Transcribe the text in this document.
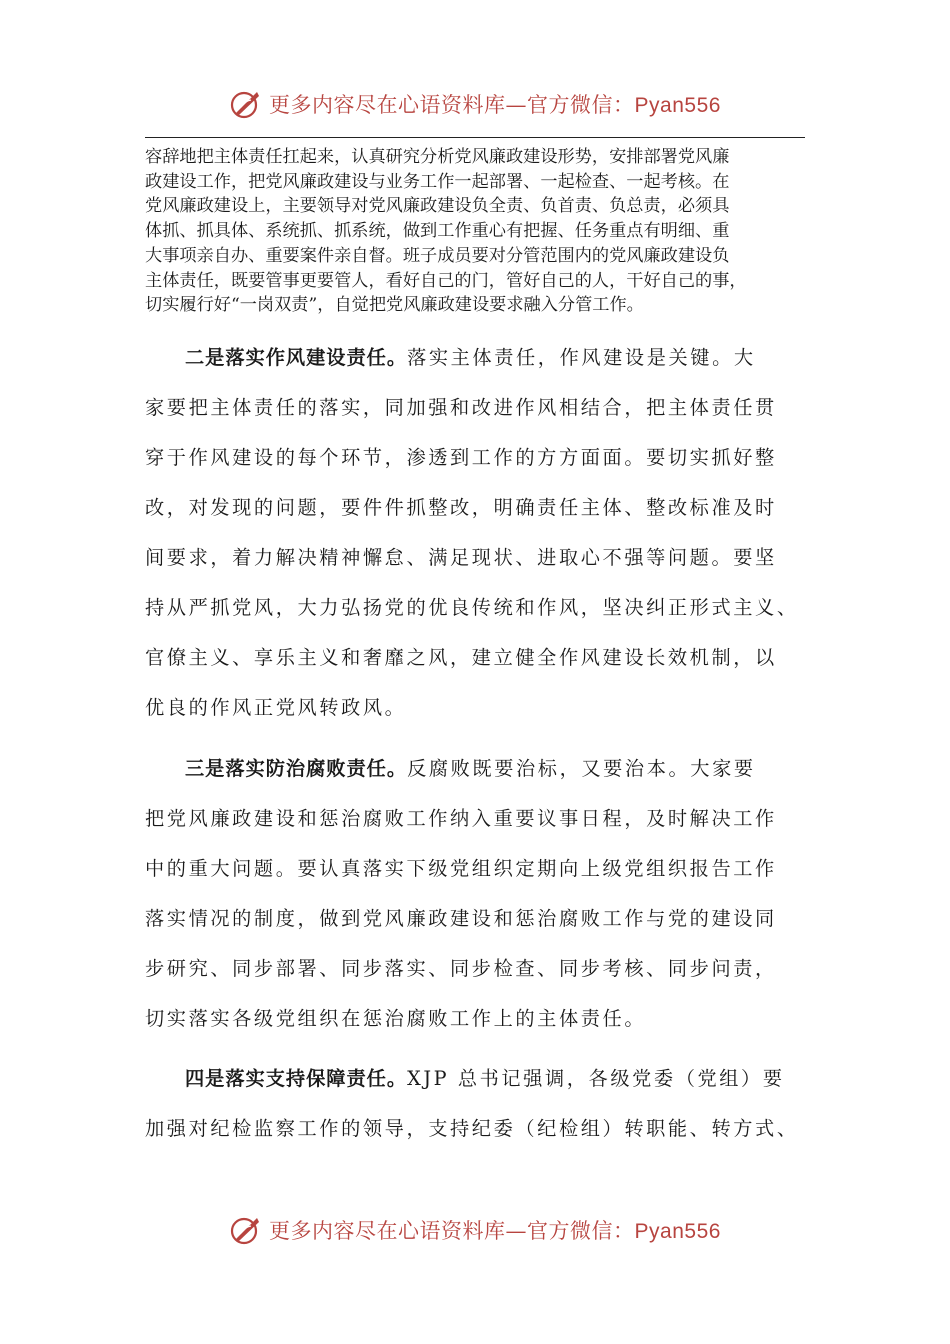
更多内容尽在心语资料库—官方微信：Pyan556
容辞地把主体责任扛起来，认真研究分析党风廉政建设形势，安排部署党风廉
政建设工作，把党风廉政建设与业务工作一起部署、一起检查、一起考核。在
党风廉政建设上，主要领导对党风廉政建设负全责、负首责、负总责，必须具
体抓、抓具体、系统抓、抓系统，做到工作重心有把握、任务重点有明细、重
大事项亲自办、重要案件亲自督。班子成员要对分管范围内的党风廉政建设负
主体责任，既要管事更要管人，看好自己的门，管好自己的人，干好自己的事，
切实履行好“一岗双责”，自觉把党风廉政建设要求融入分管工作。
二是落实作风建设责任。落实主体责任，作风建设是关键。大
家要把主体责任的落实，同加强和改进作风相结合，把主体责任贯
穿于作风建设的每个环节，渗透到工作的方方面面。要切实抓好整
改，对发现的问题，要件件抓整改，明确责任主体、整改标准及时
间要求，着力解决精神懈怠、满足现状、进取心不强等问题。要坚
持从严抓党风，大力弘扬党的优良传统和作风，坚决纠正形式主义、
官僚主义、享乐主义和奢靡之风，建立健全作风建设长效机制，以
优良的作风正党风转政风。
三是落实防治腐败责任。反腐败既要治标，又要治本。大家要
把党风廉政建设和惩治腐败工作纳入重要议事日程，及时解决工作
中的重大问题。要认真落实下级党组织定期向上级党组织报告工作
落实情况的制度，做到党风廉政建设和惩治腐败工作与党的建设同
步研究、同步部署、同步落实、同步检查、同步考核、同步问责，
切实落实各级党组织在惩治腐败工作上的主体责任。
四是落实支持保障责任。XJP 总书记强调，各级党委（党组）要
加强对纪检监察工作的领导，支持纪委（纪检组）转职能、转方式、
更多内容尽在心语资料库—官方微信：Pyan556
